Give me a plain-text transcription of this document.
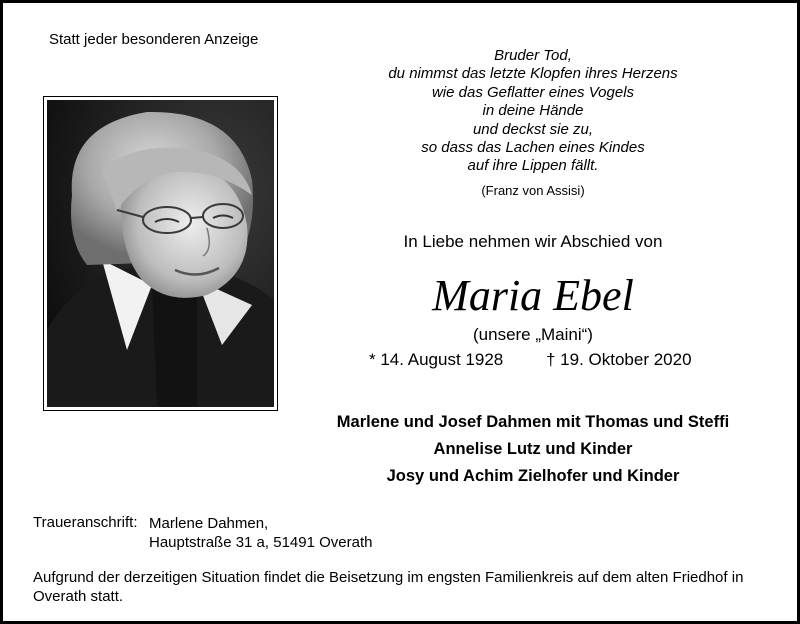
Statt jeder besonderen Anzeige
Bruder Tod,
du nimmst das letzte Klopfen ihres Herzens
wie das Geflatter eines Vogels
in deine Hände
und deckst sie zu,
so dass das Lachen eines Kindes
auf ihre Lippen fällt.
(Franz von Assisi)
In Liebe nehmen wir Abschied von
Maria Ebel
(unsere „Maini“)
* 14. August 1928	† 19. Oktober 2020
Marlene und Josef Dahmen mit Thomas und Steffi
Annelise Lutz und Kinder
Josy und Achim Zielhofer und Kinder
Traueranschrift: Marlene Dahmen,
Hauptstraße 31 a, 51491 Overath
Aufgrund der derzeitigen Situation findet die Beisetzung im engsten Familienkreis auf dem alten Friedhof in Overath statt.
